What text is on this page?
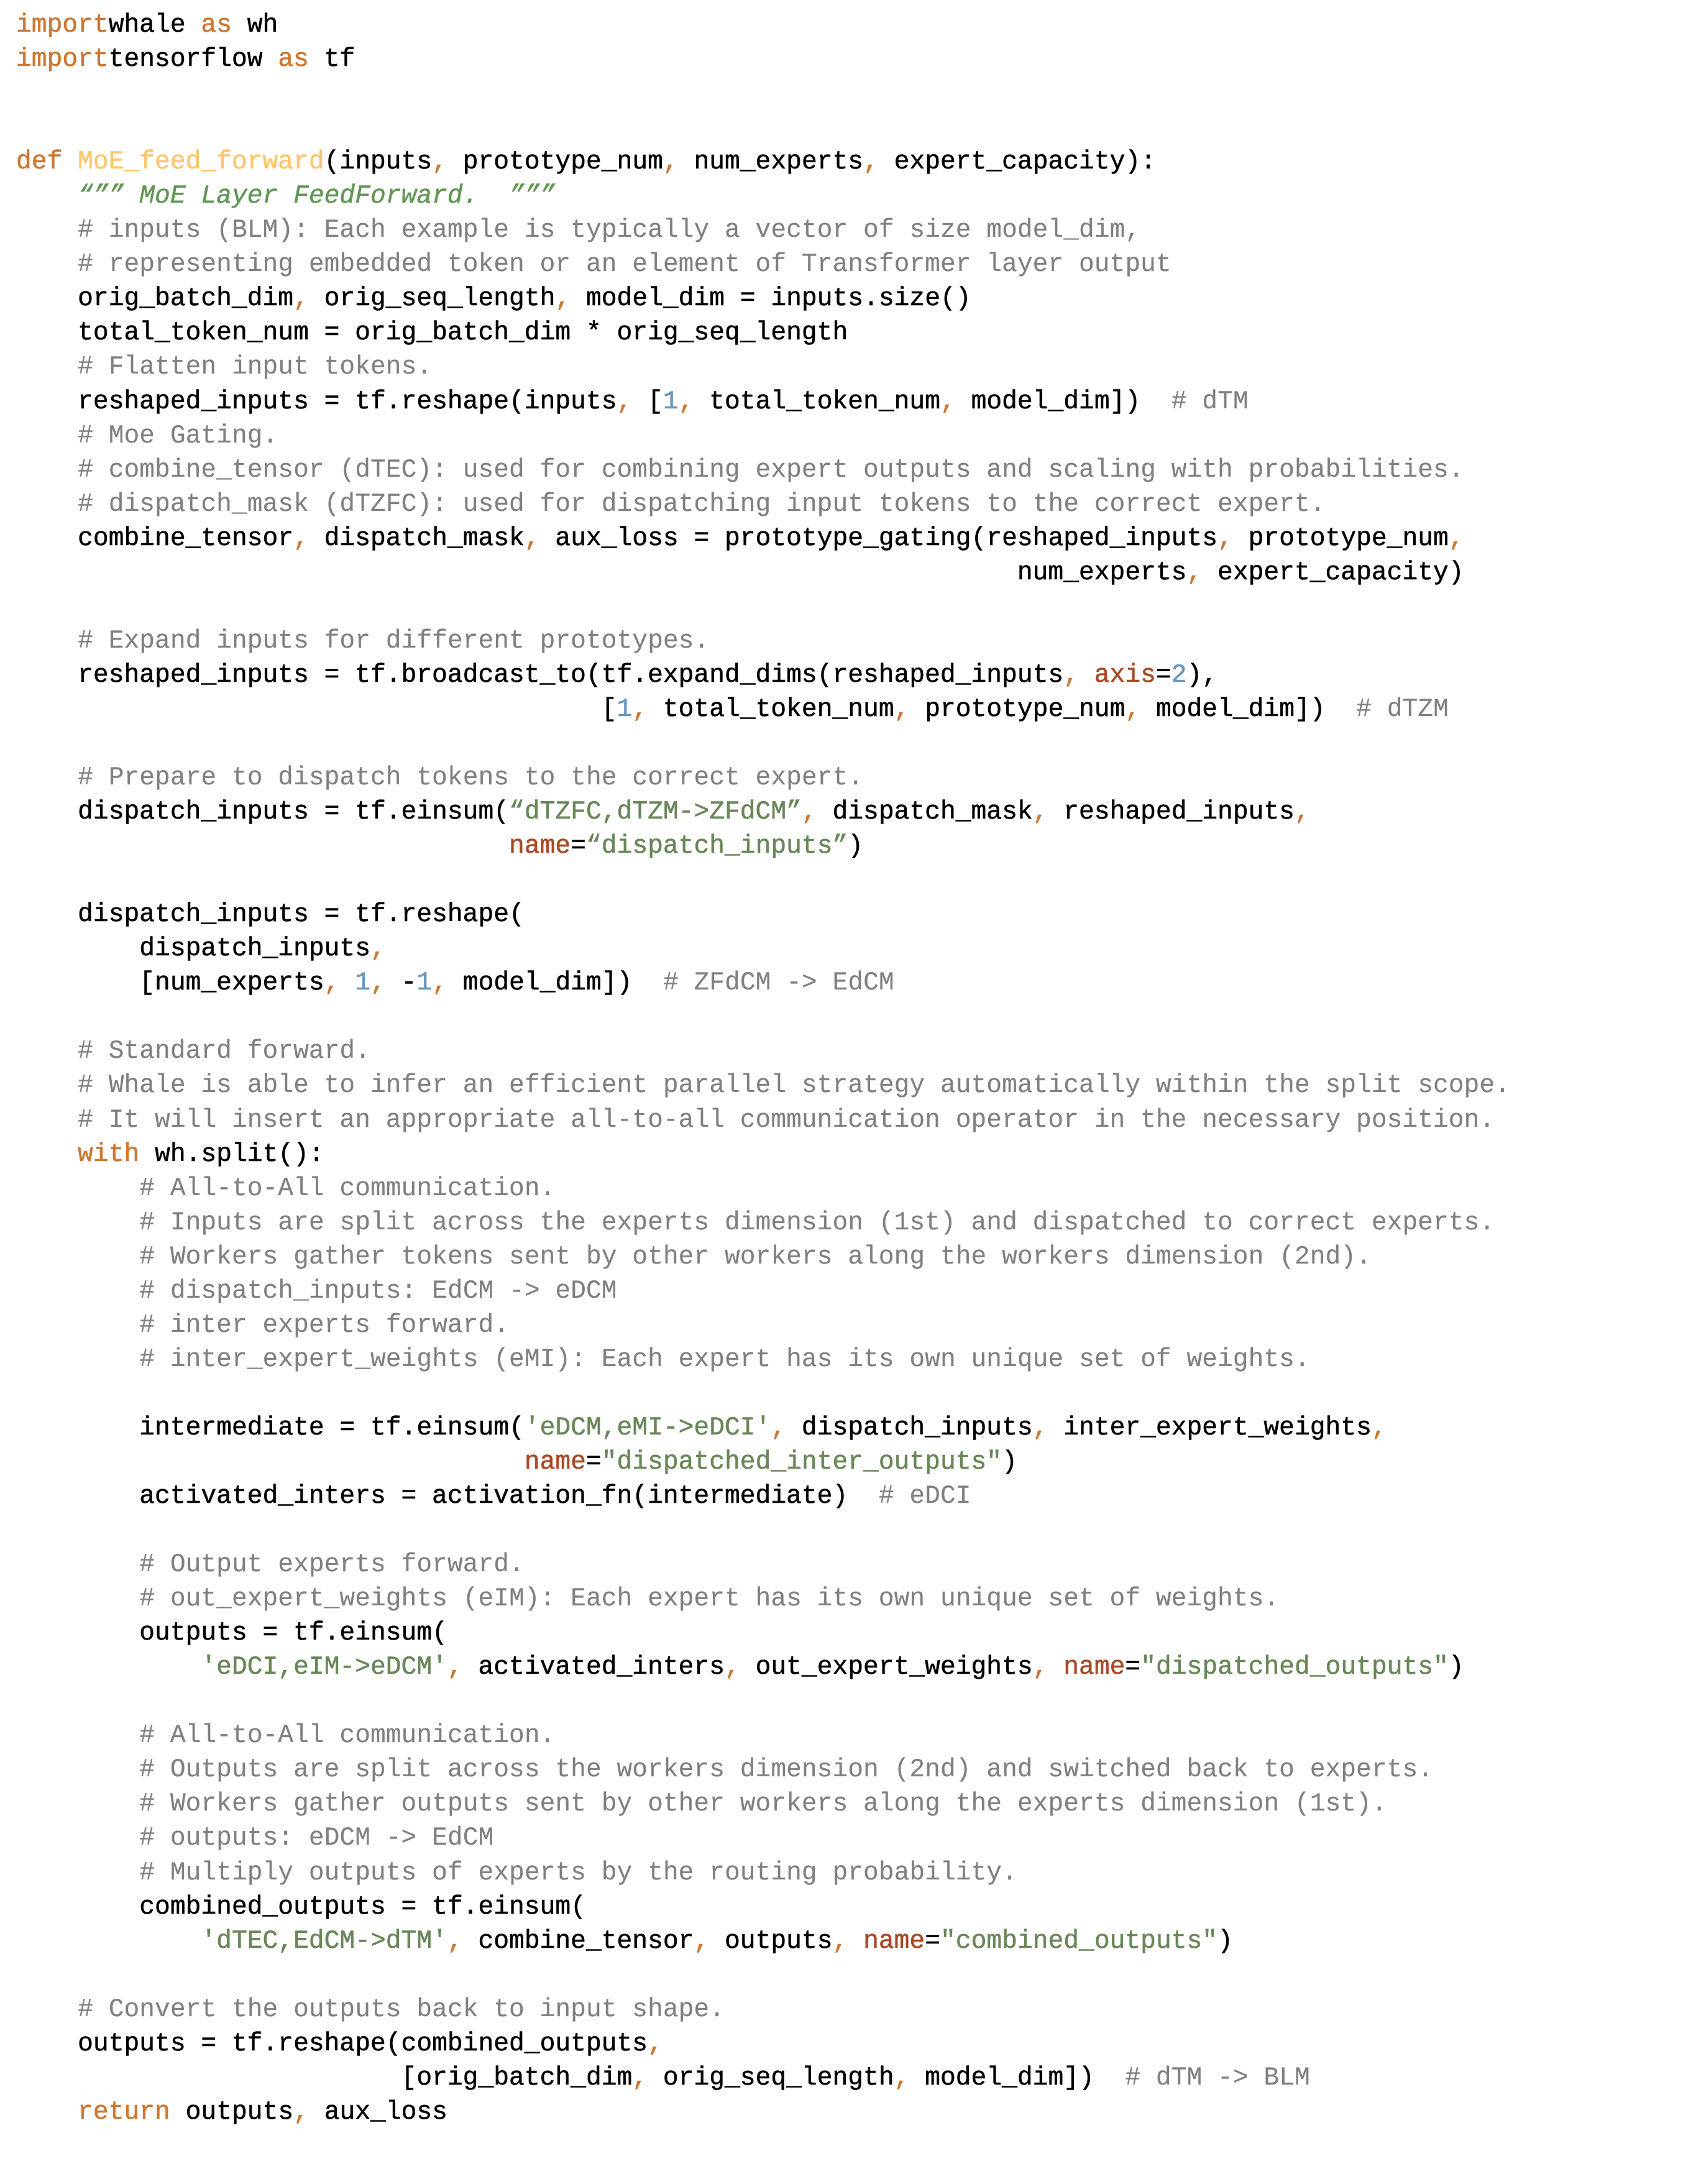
importwhale as wh
importtensorflow as tf

def MoE_feed_forward(inputs, prototype_num, num_experts, expert_capacity):
“”” MoE Layer FeedForward.  ”””
# inputs (BLM): Each example is typically a vector of size model_dim,
# representing embedded token or an element of Transformer layer output
orig_batch_dim, orig_seq_length, model_dim = inputs.size()
total_token_num = orig_batch_dim * orig_seq_length
# Flatten input tokens.
reshaped_inputs = tf.reshape(inputs, [1, total_token_num, model_dim])  # dTM
# Moe Gating.
# combine_tensor (dTEC): used for combining expert outputs and scaling with probabilities.
# dispatch_mask (dTZFC): used for dispatching input tokens to the correct expert.
combine_tensor, dispatch_mask, aux_loss = prototype_gating(reshaped_inputs, prototype_num,
num_experts, expert_capacity)

# Expand inputs for different prototypes.
reshaped_inputs = tf.broadcast_to(tf.expand_dims(reshaped_inputs, axis=2),
[1, total_token_num, prototype_num, model_dim])  # dTZM

# Prepare to dispatch tokens to the correct expert.
dispatch_inputs = tf.einsum(“dTZFC,dTZM->ZFdCM”, dispatch_mask, reshaped_inputs,
name=“dispatch_inputs”)

dispatch_inputs = tf.reshape(
dispatch_inputs,
[num_experts, 1, -1, model_dim])  # ZFdCM -> EdCM

# Standard forward.
# Whale is able to infer an efficient parallel strategy automatically within the split scope.
# It will insert an appropriate all-to-all communication operator in the necessary position.
with wh.split():
# All-to-All communication.
# Inputs are split across the experts dimension (1st) and dispatched to correct experts.
# Workers gather tokens sent by other workers along the workers dimension (2nd).
# dispatch_inputs: EdCM -> eDCM
# inter experts forward.
# inter_expert_weights (eMI): Each expert has its own unique set of weights.

intermediate = tf.einsum('eDCM,eMI->eDCI', dispatch_inputs, inter_expert_weights,
name="dispatched_inter_outputs")
activated_inters = activation_fn(intermediate)  # eDCI

# Output experts forward.
# out_expert_weights (eIM): Each expert has its own unique set of weights.
outputs = tf.einsum(
'eDCI,eIM->eDCM', activated_inters, out_expert_weights, name="dispatched_outputs")

# All-to-All communication.
# Outputs are split across the workers dimension (2nd) and switched back to experts.
# Workers gather outputs sent by other workers along the experts dimension (1st).
# outputs: eDCM -> EdCM
# Multiply outputs of experts by the routing probability.
combined_outputs = tf.einsum(
'dTEC,EdCM->dTM', combine_tensor, outputs, name="combined_outputs")

# Convert the outputs back to input shape.
outputs = tf.reshape(combined_outputs,
[orig_batch_dim, orig_seq_length, model_dim])  # dTM -> BLM
return outputs, aux_loss
